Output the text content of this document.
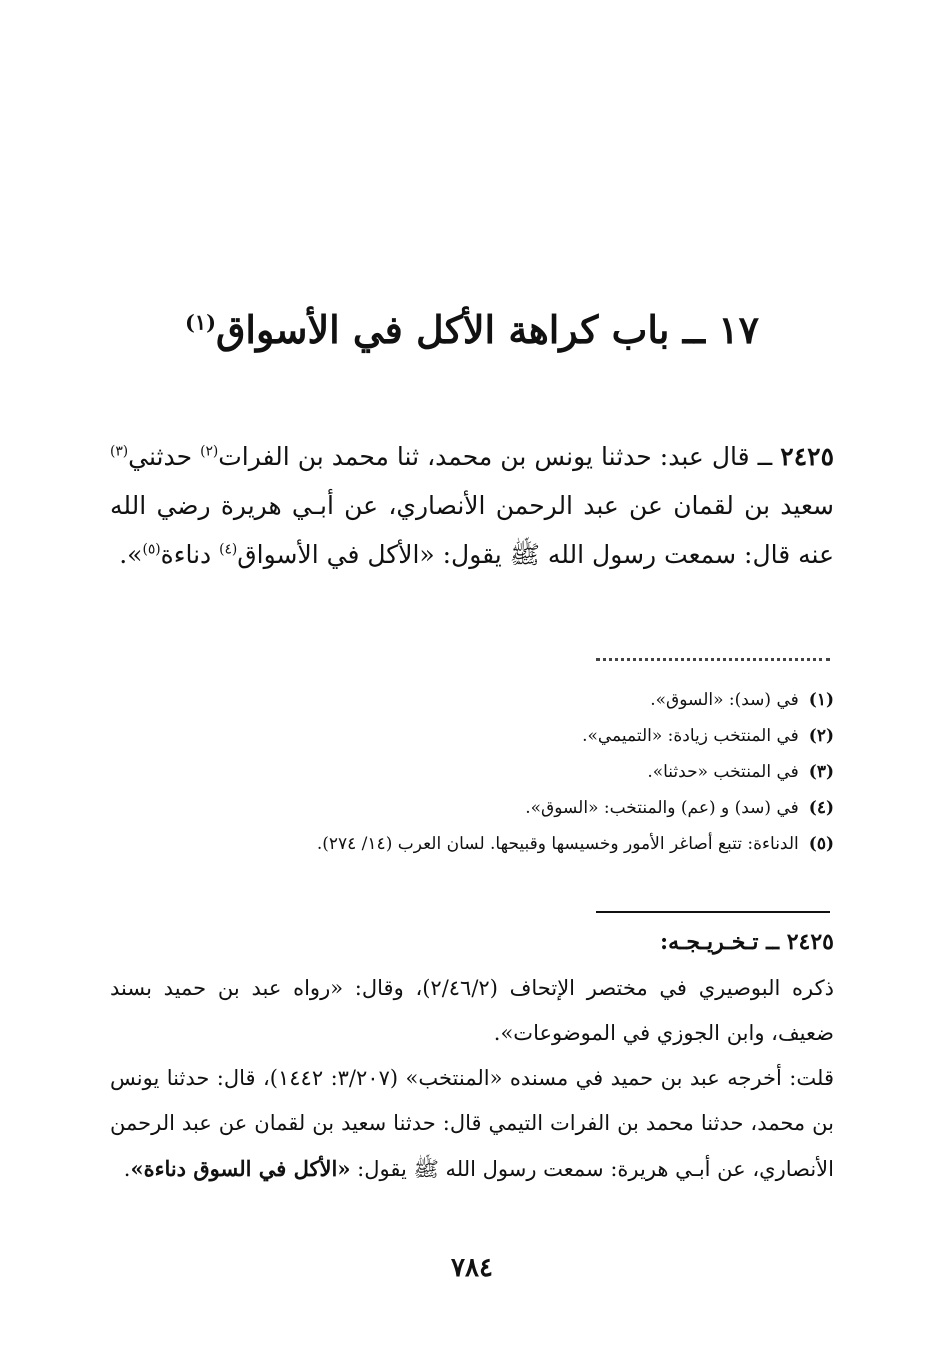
١٧ ــ باب كراهة الأكل في الأسواق$^{(١)}$
٢٤٢٥ ــ قال عبد: حدثنا يونس بن محمد، ثنا محمد بن الفرات$^{(٢)}$ حدثني$^{(٣)}$ سعيد بن لقمان عن عبد الرحمن الأنصاري، عن أبـي هريرة رضي الله عنه قال: سمعت رسول الله ﷺ يقول: «الأكل في الأسواق$^{(٤)}$ دناءة$^{(٥)}$».
(١)في (سد): «السوق».
(٢)في المنتخب زيادة: «التميمي».
(٣)في المنتخب «حدثنا».
(٤)في (سد) و (عم) والمنتخب: «السوق».
(٥)الدناءة: تتبع أصاغر الأمور وخسيسها وقبيحها. لسان العرب (١٤/ ٢٧٤).
٢٤٢٥ ــ تـخـريـجـه:

ذكره البوصيري في مختصر الإتحاف (٢/٤٦/٢)، وقال: «رواه عبد بن حميد بسند ضعيف، وابن الجوزي في الموضوعات».

قلت: أخرجه عبد بن حميد في مسنده «المنتخب» (٣/٢٠٧: ١٤٤٢)، قال: حدثنا يونس بن محمد، حدثنا محمد بن الفرات التيمي قال: حدثنا سعيد بن لقمان عن عبد الرحمن الأنصاري، عن أبـي هريرة: سمعت رسول الله ﷺ يقول: «الأكل في السوق دناءة».

٧٨٤
